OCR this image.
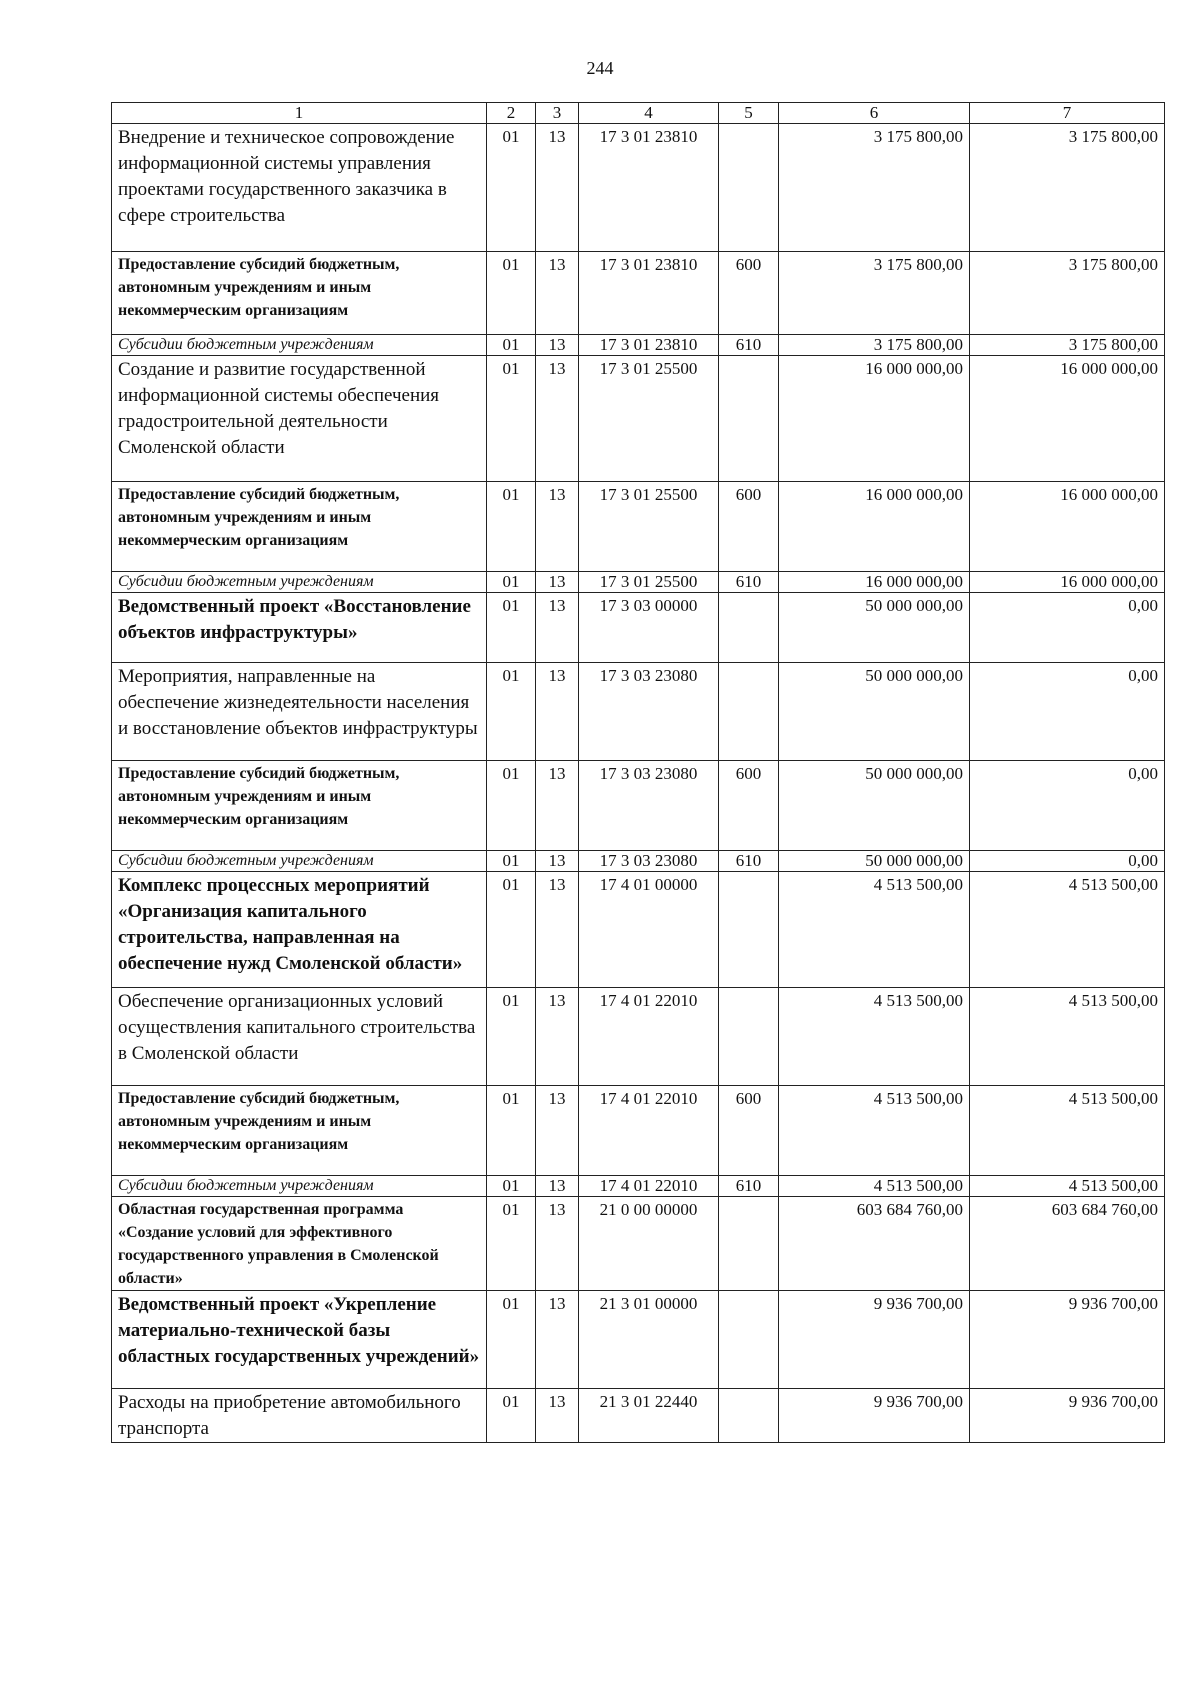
244
1	2	3	4	5	6	7
Внедрение и техническое сопровождение информационной системы управления проектами государственного заказчика в сфере строительства	01	13	17 3 01 23810		3 175 800,00	3 175 800,00
Предоставление субсидий бюджетным, автономным учреждениям и иным некоммерческим организациям	01	13	17 3 01 23810	600	3 175 800,00	3 175 800,00
Субсидии бюджетным учреждениям	01	13	17 3 01 23810	610	3 175 800,00	3 175 800,00
Создание и развитие государственной информационной системы обеспечения градостроительной деятельности Смоленской области	01	13	17 3 01 25500		16 000 000,00	16 000 000,00
Предоставление субсидий бюджетным, автономным учреждениям и иным некоммерческим организациям	01	13	17 3 01 25500	600	16 000 000,00	16 000 000,00
Субсидии бюджетным учреждениям	01	13	17 3 01 25500	610	16 000 000,00	16 000 000,00
Ведомственный проект «Восстановление объектов инфраструктуры»	01	13	17 3 03 00000		50 000 000,00	0,00
Мероприятия, направленные на обеспечение жизнедеятельности населения и восстановление объектов инфраструктуры	01	13	17 3 03 23080		50 000 000,00	0,00
Предоставление субсидий бюджетным, автономным учреждениям и иным некоммерческим организациям	01	13	17 3 03 23080	600	50 000 000,00	0,00
Субсидии бюджетным учреждениям	01	13	17 3 03 23080	610	50 000 000,00	0,00
Комплекс процессных мероприятий «Организация капитального строительства, направленная на обеспечение нужд Смоленской области»	01	13	17 4 01 00000		4 513 500,00	4 513 500,00
Обеспечение организационных условий осуществления капитального строительства в Смоленской области	01	13	17 4 01 22010		4 513 500,00	4 513 500,00
Предоставление субсидий бюджетным, автономным учреждениям и иным некоммерческим организациям	01	13	17 4 01 22010	600	4 513 500,00	4 513 500,00
Субсидии бюджетным учреждениям	01	13	17 4 01 22010	610	4 513 500,00	4 513 500,00
Областная государственная программа «Создание условий для эффективного государственного управления в Смоленской области»	01	13	21 0 00 00000		603 684 760,00	603 684 760,00
Ведомственный проект «Укрепление материально-технической базы областных государственных учреждений»	01	13	21 3 01 00000		9 936 700,00	9 936 700,00
Расходы на приобретение автомобильного транспорта	01	13	21 3 01 22440		9 936 700,00	9 936 700,00
